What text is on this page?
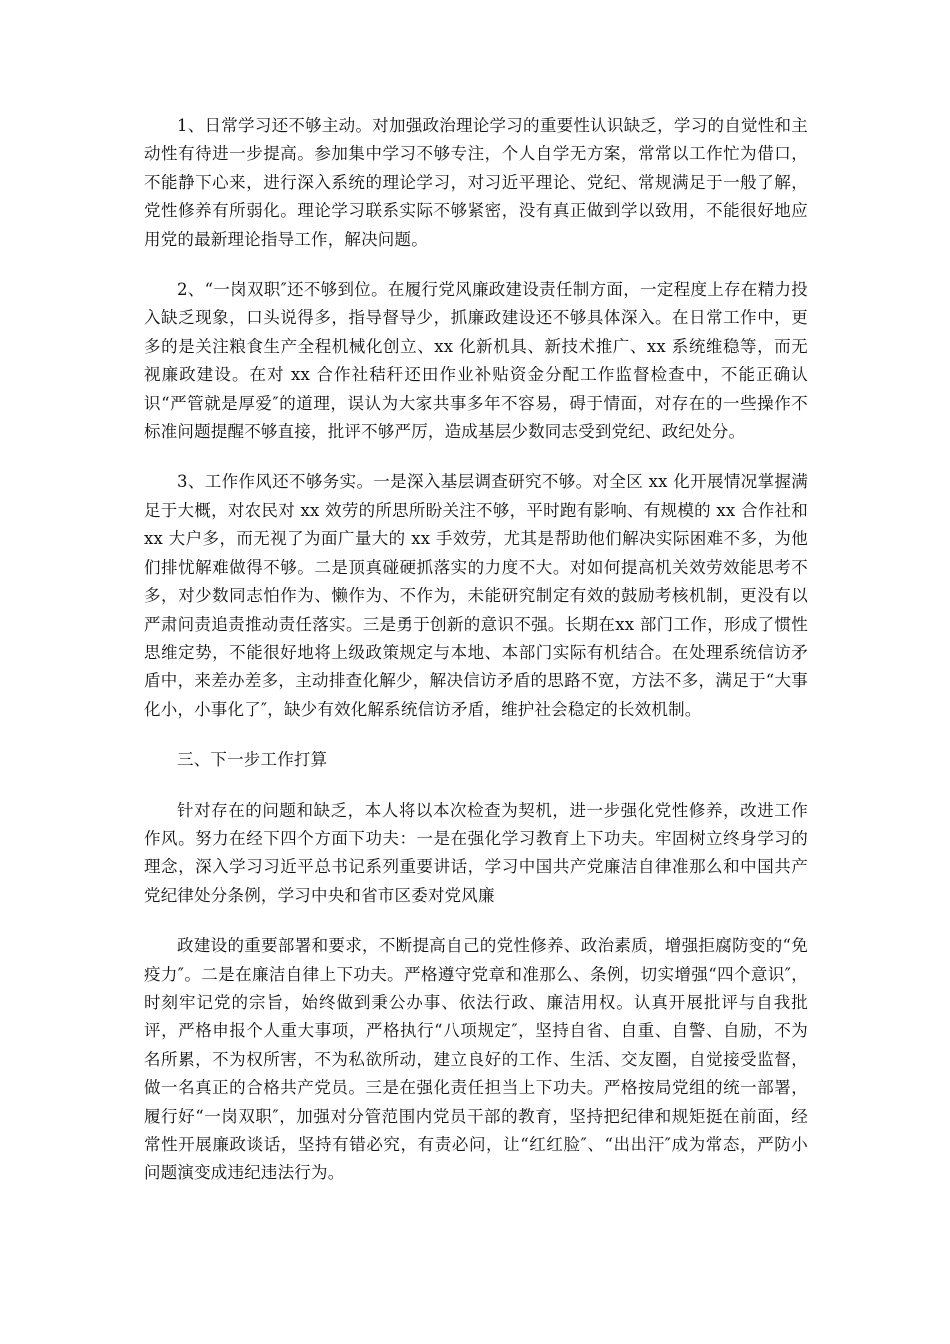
1、日常学习还不够主动。对加强政治理论学习的重要性认识缺乏，学习的自觉性和主动性有待进一步提高。参加集中学习不够专注，个人自学无方案，常常以工作忙为借口，不能静下心来，进行深入系统的理论学习，对习近平理论、党纪、常规满足于一般了解，党性修养有所弱化。理论学习联系实际不够紧密，没有真正做到学以致用，不能很好地应用党的最新理论指导工作，解决问题。

2、“一岗双职″还不够到位。在履行党风廉政建设责任制方面，一定程度上存在精力投入缺乏现象，口头说得多，指导督导少，抓廉政建设还不够具体深入。在日常工作中，更多的是关注粮食生产全程机械化创立、xx 化新机具、新技术推广、xx 系统维稳等，而无视廉政建设。在对 xx 合作社秸秆还田作业补贴资金分配工作监督检查中，不能正确认识“严管就是厚爱″的道理，误认为大家共事多年不容易，碍于情面，对存在的一些操作不标准问题提醒不够直接，批评不够严厉，造成基层少数同志受到党纪、政纪处分。

3、工作作风还不够务实。一是深入基层调查研究不够。对全区 xx 化开展情况掌握满足于大概，对农民对 xx 效劳的所思所盼关注不够，平时跑有影响、有规模的 xx 合作社和 xx 大户多，而无视了为面广量大的 xx 手效劳，尤其是帮助他们解决实际困难不多，为他们排忧解难做得不够。二是顶真碰硬抓落实的力度不大。对如何提高机关效劳效能思考不多，对少数同志怕作为、懒作为、不作为，未能研究制定有效的鼓励考核机制，更没有以严肃问责追责推动责任落实。三是勇于创新的意识不强。长期在xx 部门工作，形成了惯性思维定势，不能很好地将上级政策规定与本地、本部门实际有机结合。在处理系统信访矛盾中，来差办差多，主动排查化解少，解决信访矛盾的思路不宽，方法不多，满足于“大事化小，小事化了″，缺少有效化解系统信访矛盾，维护社会稳定的长效机制。

三、下一步工作打算

针对存在的问题和缺乏，本人将以本次检查为契机，进一步强化党性修养，改进工作作风。努力在经下四个方面下功夫：一是在强化学习教育上下功夫。牢固树立终身学习的理念，深入学习习近平总书记系列重要讲话，学习中国共产党廉洁自律准那么和中国共产党纪律处分条例，学习中央和省市区委对党风廉

政建设的重要部署和要求，不断提高自己的党性修养、政治素质，增强拒腐防变的“免疫力″。二是在廉洁自律上下功夫。严格遵守党章和准那么、条例，切实增强“四个意识″，时刻牢记党的宗旨，始终做到秉公办事、依法行政、廉洁用权。认真开展批评与自我批评，严格申报个人重大事项，严格执行“八项规定″，坚持自省、自重、自警、自励，不为名所累，不为权所害，不为私欲所动，建立良好的工作、生活、交友圈，自觉接受监督，做一名真正的合格共产党员。三是在强化责任担当上下功夫。严格按局党组的统一部署，履行好“一岗双职″，加强对分管范围内党员干部的教育，坚持把纪律和规矩挺在前面，经常性开展廉政谈话，坚持有错必究，有责必问，让“红红脸″、“出出汗″成为常态，严防小问题演变成违纪违法行为。
